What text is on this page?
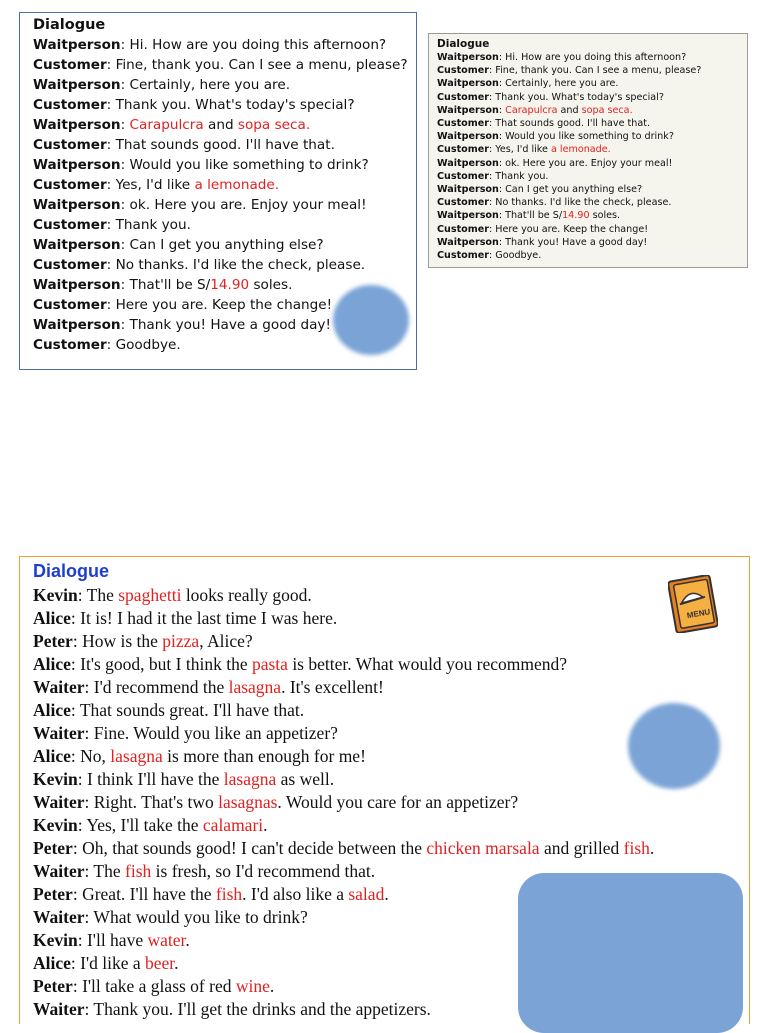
Dialogue
Waitperson: Hi. How are you doing this afternoon?
Customer: Fine, thank you. Can I see a menu, please?
Waitperson: Certainly, here you are.
Customer: Thank you. What's today's special?
Waitperson: Carapulcra and sopa seca.
Customer: That sounds good. I'll have that.
Waitperson: Would you like something to drink?
Customer: Yes, I'd like a lemonade.
Waitperson: ok. Here you are. Enjoy your meal!
Customer: Thank you.
Waitperson: Can I get you anything else?
Customer: No thanks. I'd like the check, please.
Waitperson: That'll be S/14.90 soles.
Customer: Here you are. Keep the change!
Waitperson: Thank you! Have a good day!
Customer: Goodbye.
Dialogue
Waitperson: Hi. How are you doing this afternoon?
Customer: Fine, thank you. Can I see a menu, please?
Waitperson: Certainly, here you are.
Customer: Thank you. What's today's special?
Waitperson: Carapulcra and sopa seca.
Customer: That sounds good. I'll have that.
Waitperson: Would you like something to drink?
Customer: Yes, I'd like a lemonade.
Waitperson: ok. Here you are. Enjoy your meal!
Customer: Thank you.
Waitperson: Can I get you anything else?
Customer: No thanks. I'd like the check, please.
Waitperson: That'll be S/14.90 soles.
Customer: Here you are. Keep the change!
Waitperson: Thank you! Have a good day!
Customer: Goodbye.
Dialogue
Kevin: The spaghetti looks really good.
Alice: It is! I had it the last time I was here.
Peter: How is the pizza, Alice?
Alice: It's good, but I think the pasta is better. What would you recommend?
Waiter: I'd recommend the lasagna. It's excellent!
Alice: That sounds great. I'll have that.
Waiter: Fine. Would you like an appetizer?
Alice: No, lasagna is more than enough for me!
Kevin: I think I'll have the lasagna as well.
Waiter: Right. That's two lasagnas. Would you care for an appetizer?
Kevin: Yes, I'll take the calamari.
Peter: Oh, that sounds good! I can't decide between the chicken marsala and grilled fish.
Waiter: The fish is fresh, so I'd recommend that.
Peter: Great. I'll have the fish. I'd also like a salad.
Waiter: What would you like to drink?
Kevin: I'll have water.
Alice: I'd like a beer.
Peter: I'll take a glass of red wine.
Waiter: Thank you. I'll get the drinks and the appetizers.
MENU
